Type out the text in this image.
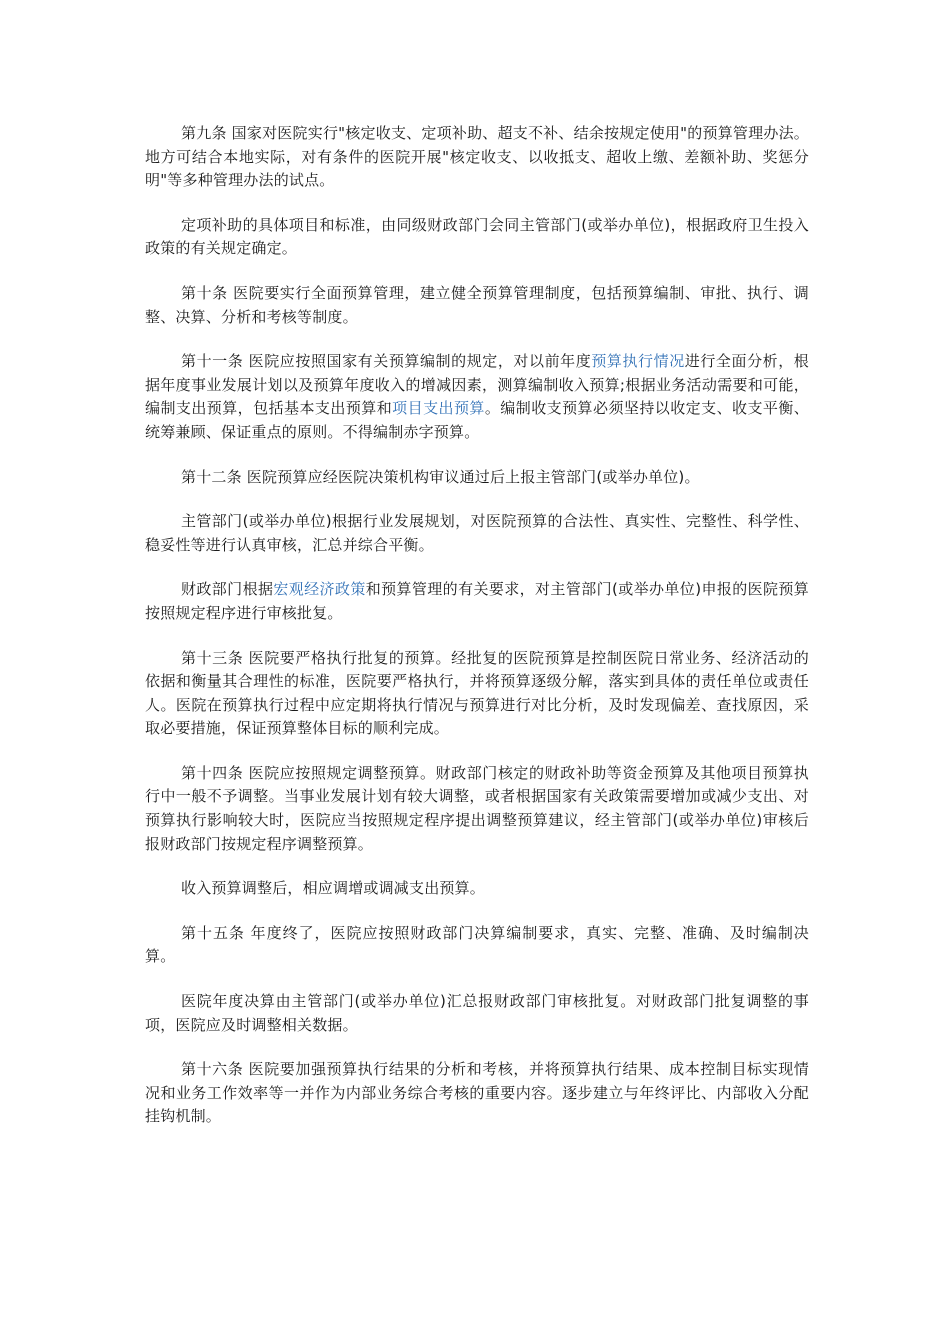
第九条 国家对医院实行"核定收支、定项补助、超支不补、结余按规定使用"的预算管理办法。地方可结合本地实际，对有条件的医院开展"核定收支、以收抵支、超收上缴、差额补助、奖惩分明"等多种管理办法的试点。

定项补助的具体项目和标准，由同级财政部门会同主管部门(或举办单位)，根据政府卫生投入政策的有关规定确定。

第十条 医院要实行全面预算管理，建立健全预算管理制度，包括预算编制、审批、执行、调整、决算、分析和考核等制度。

第十一条 医院应按照国家有关预算编制的规定，对以前年度预算执行情况进行全面分析，根据年度事业发展计划以及预算年度收入的增减因素，测算编制收入预算;根据业务活动需要和可能，编制支出预算，包括基本支出预算和项目支出预算。编制收支预算必须坚持以收定支、收支平衡、统筹兼顾、保证重点的原则。不得编制赤字预算。

第十二条 医院预算应经医院决策机构审议通过后上报主管部门(或举办单位)。

主管部门(或举办单位)根据行业发展规划，对医院预算的合法性、真实性、完整性、科学性、稳妥性等进行认真审核，汇总并综合平衡。

财政部门根据宏观经济政策和预算管理的有关要求，对主管部门(或举办单位)申报的医院预算按照规定程序进行审核批复。

第十三条 医院要严格执行批复的预算。经批复的医院预算是控制医院日常业务、经济活动的依据和衡量其合理性的标准，医院要严格执行，并将预算逐级分解，落实到具体的责任单位或责任人。医院在预算执行过程中应定期将执行情况与预算进行对比分析，及时发现偏差、查找原因，采取必要措施，保证预算整体目标的顺利完成。

第十四条 医院应按照规定调整预算。财政部门核定的财政补助等资金预算及其他项目预算执行中一般不予调整。当事业发展计划有较大调整，或者根据国家有关政策需要增加或减少支出、对预算执行影响较大时，医院应当按照规定程序提出调整预算建议，经主管部门(或举办单位)审核后报财政部门按规定程序调整预算。

收入预算调整后，相应调增或调减支出预算。

第十五条 年度终了，医院应按照财政部门决算编制要求，真实、完整、准确、及时编制决算。

医院年度决算由主管部门(或举办单位)汇总报财政部门审核批复。对财政部门批复调整的事项，医院应及时调整相关数据。

第十六条 医院要加强预算执行结果的分析和考核，并将预算执行结果、成本控制目标实现情况和业务工作效率等一并作为内部业务综合考核的重要内容。逐步建立与年终评比、内部收入分配挂钩机制。
